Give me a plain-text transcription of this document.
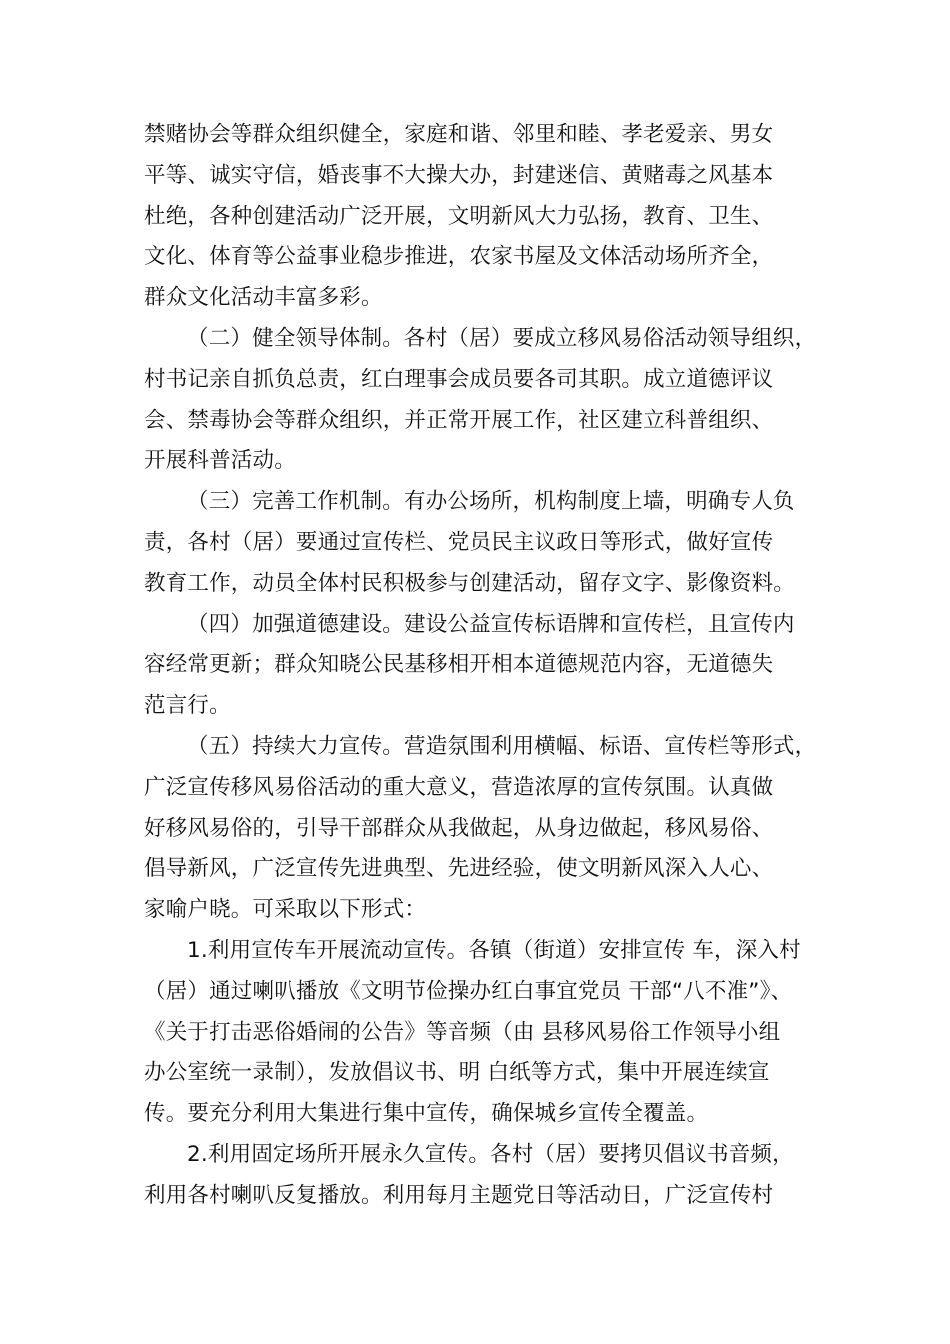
禁赌协会等群众组织健全，家庭和谐、邻里和睦、孝老爱亲、男女
平等、诚实守信，婚丧事不大操大办，封建迷信、黄赌毒之风基本
杜绝，各种创建活动广泛开展，文明新风大力弘扬，教育、卫生、
文化、体育等公益事业稳步推进，农家书屋及文体活动场所齐全，
群众文化活动丰富多彩。

（二）健全领导体制。各村（居）要成立移风易俗活动领导组织，
村书记亲自抓负总责，红白理事会成员要各司其职。成立道德评议
会、禁毒协会等群众组织，并正常开展工作，社区建立科普组织、
开展科普活动。

（三）完善工作机制。有办公场所，机构制度上墙，明确专人负
责，各村（居）要通过宣传栏、党员民主议政日等形式，做好宣传
教育工作，动员全体村民积极参与创建活动，留存文字、影像资料。

（四）加强道德建设。建设公益宣传标语牌和宣传栏，且宣传内
容经常更新；群众知晓公民基移相开相本道德规范内容，无道德失
范言行。

（五）持续大力宣传。营造氛围利用横幅、标语、宣传栏等形式，
广泛宣传移风易俗活动的重大意义，营造浓厚的宣传氛围。认真做
好移风易俗的，引导干部群众从我做起，从身边做起，移风易俗、
倡导新风，广泛宣传先进典型、先进经验，使文明新风深入人心、
家喻户晓。可采取以下形式：

1.利用宣传车开展流动宣传。各镇（街道）安排宣传 车，深入村
（居）通过喇叭播放《文明节俭操办红白事宜党员 干部“八不准”》、
《关于打击恶俗婚闹的公告》等音频（由 县移风易俗工作领导小组
办公室统一录制），发放倡议书、明 白纸等方式，集中开展连续宣
传。要充分利用大集进行集中宣传，确保城乡宣传全覆盖。

2.利用固定场所开展永久宣传。各村（居）要拷贝倡议书音频，
利用各村喇叭反复播放。利用每月主题党日等活动日，广泛宣传村
